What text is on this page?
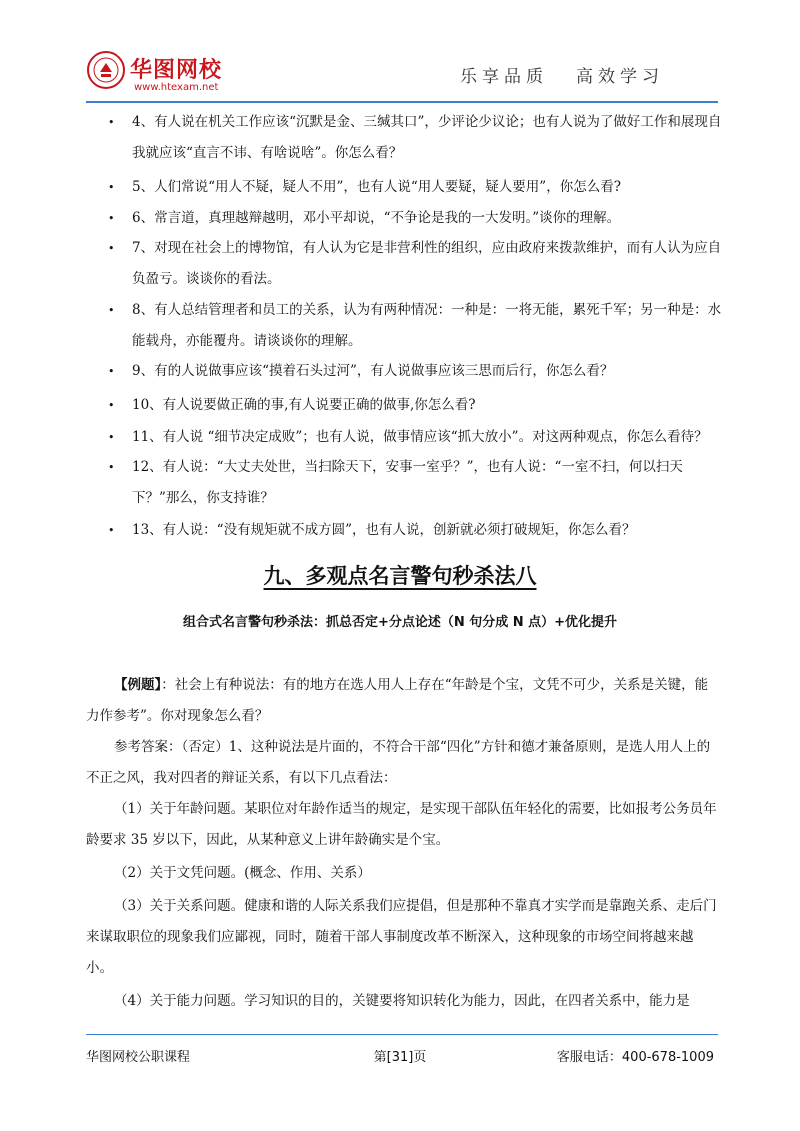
华图网校
www.htexam.net
乐享品质 高效学习
• 4、有人说在机关工作应该“沉默是金、三缄其口”，少评论少议论；也有人说为了做好工作和展现自我就应该“直言不讳、有啥说啥”。你怎么看？
• 5、人们常说“用人不疑，疑人不用”，也有人说“用人要疑，疑人要用”，你怎么看?
• 6、常言道，真理越辩越明，邓小平却说，“不争论是我的一大发明。”谈你的理解。
• 7、对现在社会上的博物馆，有人认为它是非营利性的组织，应由政府来拨款维护，而有人认为应自负盈亏。谈谈你的看法。
• 8、有人总结管理者和员工的关系，认为有两种情况：一种是：一将无能，累死千军；另一种是：水能载舟，亦能覆舟。请谈谈你的理解。
• 9、有的人说做事应该“摸着石头过河”，有人说做事应该三思而后行，你怎么看？
• 10、有人说要做正确的事,有人说要正确的做事,你怎么看?
• 11、有人说 “细节决定成败”；也有人说，做事情应该“抓大放小”。对这两种观点，你怎么看待？
• 12、有人说：“大丈夫处世，当扫除天下，安事一室乎？”，也有人说：“一室不扫，何以扫天下？”那么，你支持谁？
• 13、有人说：“没有规矩就不成方圆”，也有人说，创新就必须打破规矩，你怎么看？
九、多观点名言警句秒杀法八
组合式名言警句秒杀法：抓总否定+分点论述（N 句分成 N 点）+优化提升
【例题】：社会上有种说法：有的地方在选人用人上存在“年龄是个宝，文凭不可少，关系是关键，能力作参考”。你对现象怎么看？
参考答案：（否定）1、这种说法是片面的，不符合干部“四化”方针和德才兼备原则，是选人用人上的不正之风，我对四者的辩证关系，有以下几点看法：
（1）关于年龄问题。某职位对年龄作适当的规定，是实现干部队伍年轻化的需要，比如报考公务员年龄要求 35 岁以下，因此，从某种意义上讲年龄确实是个宝。
（2）关于文凭问题。(概念、作用、关系）
（3）关于关系问题。健康和谐的人际关系我们应提倡，但是那种不靠真才实学而是靠跑关系、走后门来谋取职位的现象我们应鄙视，同时，随着干部人事制度改革不断深入，这种现象的市场空间将越来越小。
（4）关于能力问题。学习知识的目的，关键要将知识转化为能力，因此，在四者关系中，能力是
华图网校公职课程	第[31]页	客服电话：400-678-1009
